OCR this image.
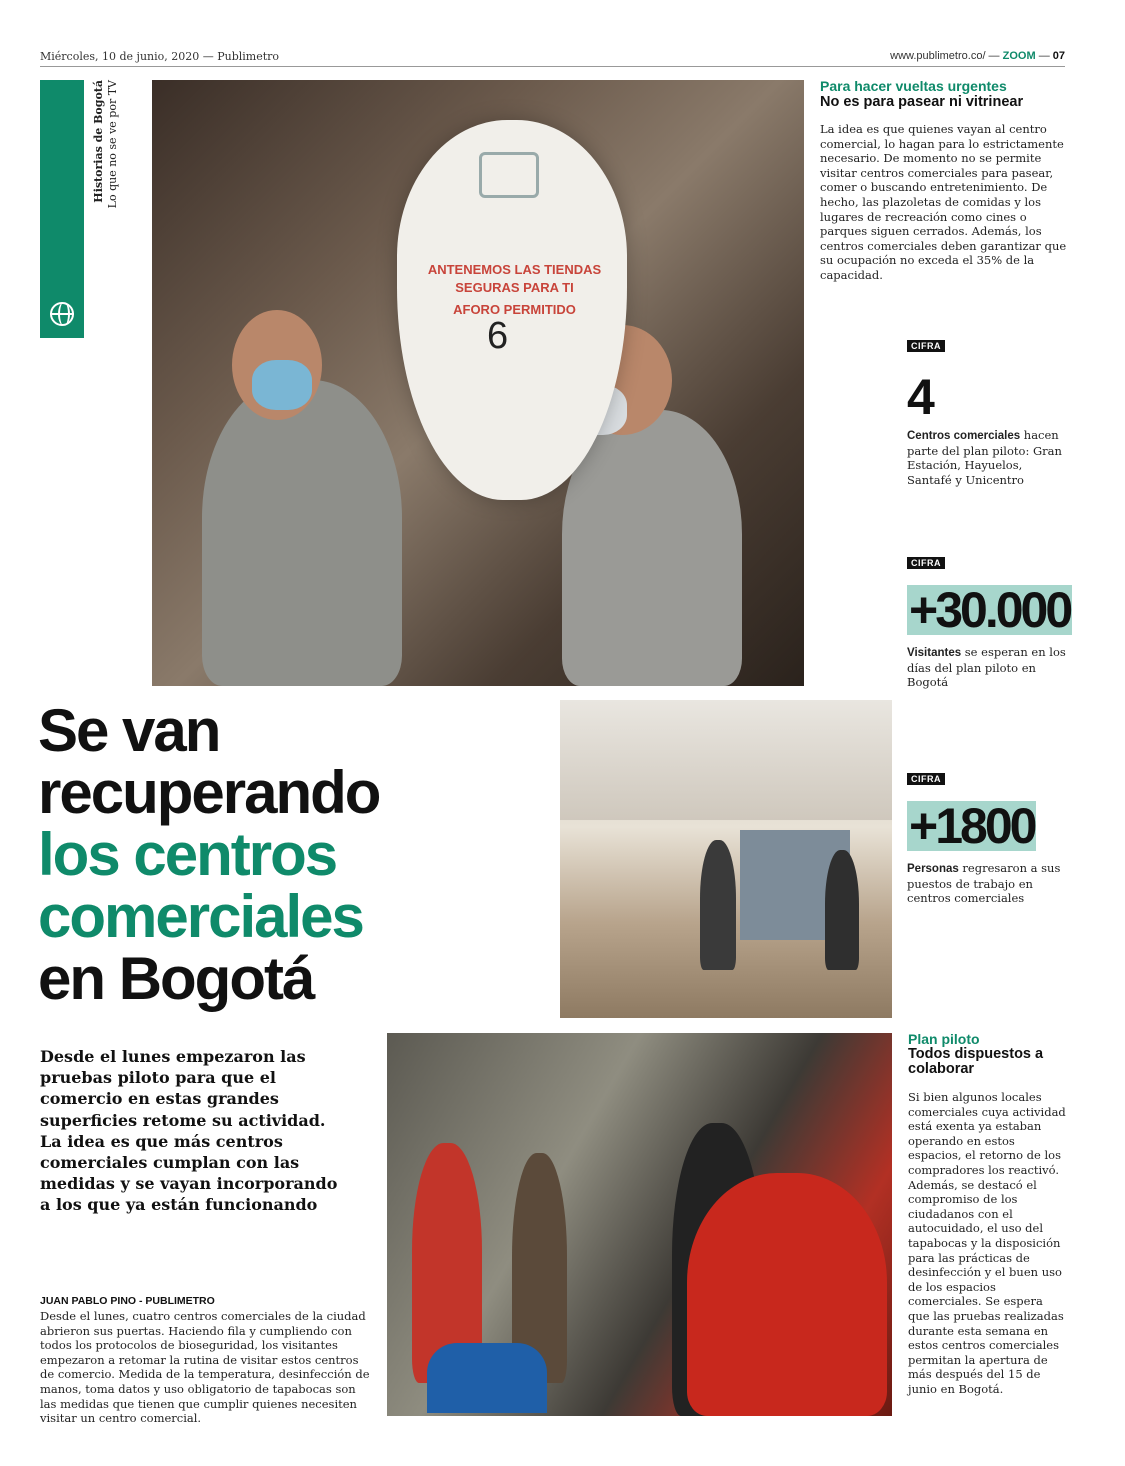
Miércoles, 10 de junio, 2020 — Publimetro	www.publimetro.co/ — ZOOM — 07
ZOOM
Historias de Bogotá Lo que no se ve por TV
ANTENEMOS LAS TIENDAS
SEGURAS PARA TI
AFORO PERMITIDO
6
Para hacer vueltas urgentes
No es para pasear ni vitrinear
La idea es que quienes vayan al centro comercial, lo hagan para lo estrictamente necesario. De momento no se permite visitar centros comerciales para pasear, comer o buscando entretenimiento. De hecho, las plazoletas de comidas y los lugares de recreación como cines o parques siguen cerrados. Además, los centros comerciales deben garantizar que su ocupación no exceda el 35% de la capacidad.
CIFRA
4
Centros comerciales hacen parte del plan piloto: Gran Estación, Hayuelos, Santafé y Unicentro
CIFRA
+30.000
Visitantes se esperan en los días del plan piloto en Bogotá
CIFRA
+1800
Personas regresaron a sus puestos de trabajo en centros comerciales
Se van
recuperando
los centros
comerciales
en Bogotá
Desde el lunes empezaron las pruebas piloto para que el comercio en estas grandes superficies retome su actividad. La idea es que más centros comerciales cumplan con las medidas y se vayan incorporando a los que ya están funcionando
JUAN PABLO PINO - PUBLIMETRO
Desde el lunes, cuatro centros comerciales de la ciudad abrieron sus puertas. Haciendo fila y cumpliendo con todos los protocolos de bioseguridad, los visitantes empezaron a retomar la rutina de visitar estos centros de comercio. Medida de la temperatura, desinfección de manos, toma datos y uso obligatorio de tapabocas son las medidas que tienen que cumplir quienes necesiten visitar un centro comercial.
Plan piloto
Todos dispuestos a colaborar
Si bien algunos locales comerciales cuya actividad está exenta ya estaban operando en estos espacios, el retorno de los compradores los reactivó. Además, se destacó el compromiso de los ciudadanos con el autocuidado, el uso del tapabocas y la disposición para las prácticas de desinfección y el buen uso de los espacios comerciales. Se espera que las pruebas realizadas durante esta semana en estos centros comerciales permitan la apertura de más después del 15 de junio en Bogotá.
